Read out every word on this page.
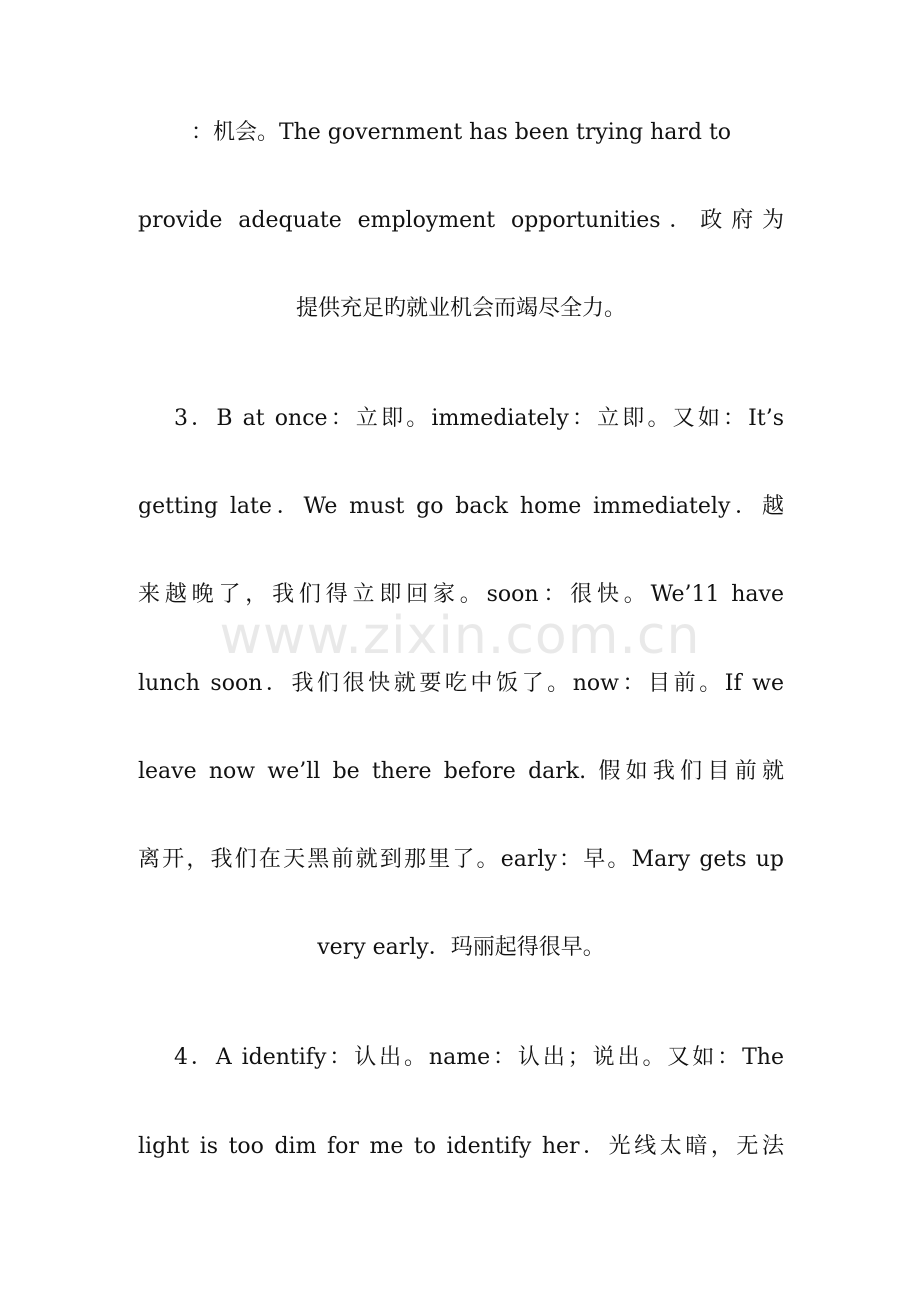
：机会。The government has been trying hard to
provide adequate employment opportunities．政府为
提供充足旳就业机会而竭尽全力。
3．B at once：立即。immediately：立即。又如：It’s
getting late．We must go back home immediately．越
来越晚了，我们得立即回家。soon：很快。We’11 have
lunch soon．我们很快就要吃中饭了。now：目前。If we
leave now we’ll be there before dark. 假如我们目前就
离开，我们在天黑前就到那里了。early：早。Mary gets up
very early．玛丽起得很早。
4．A identify：认出。name：认出；说出。又如：The
light is too dim for me to identify her．光线太暗，无法
www.zixin.com.cn
